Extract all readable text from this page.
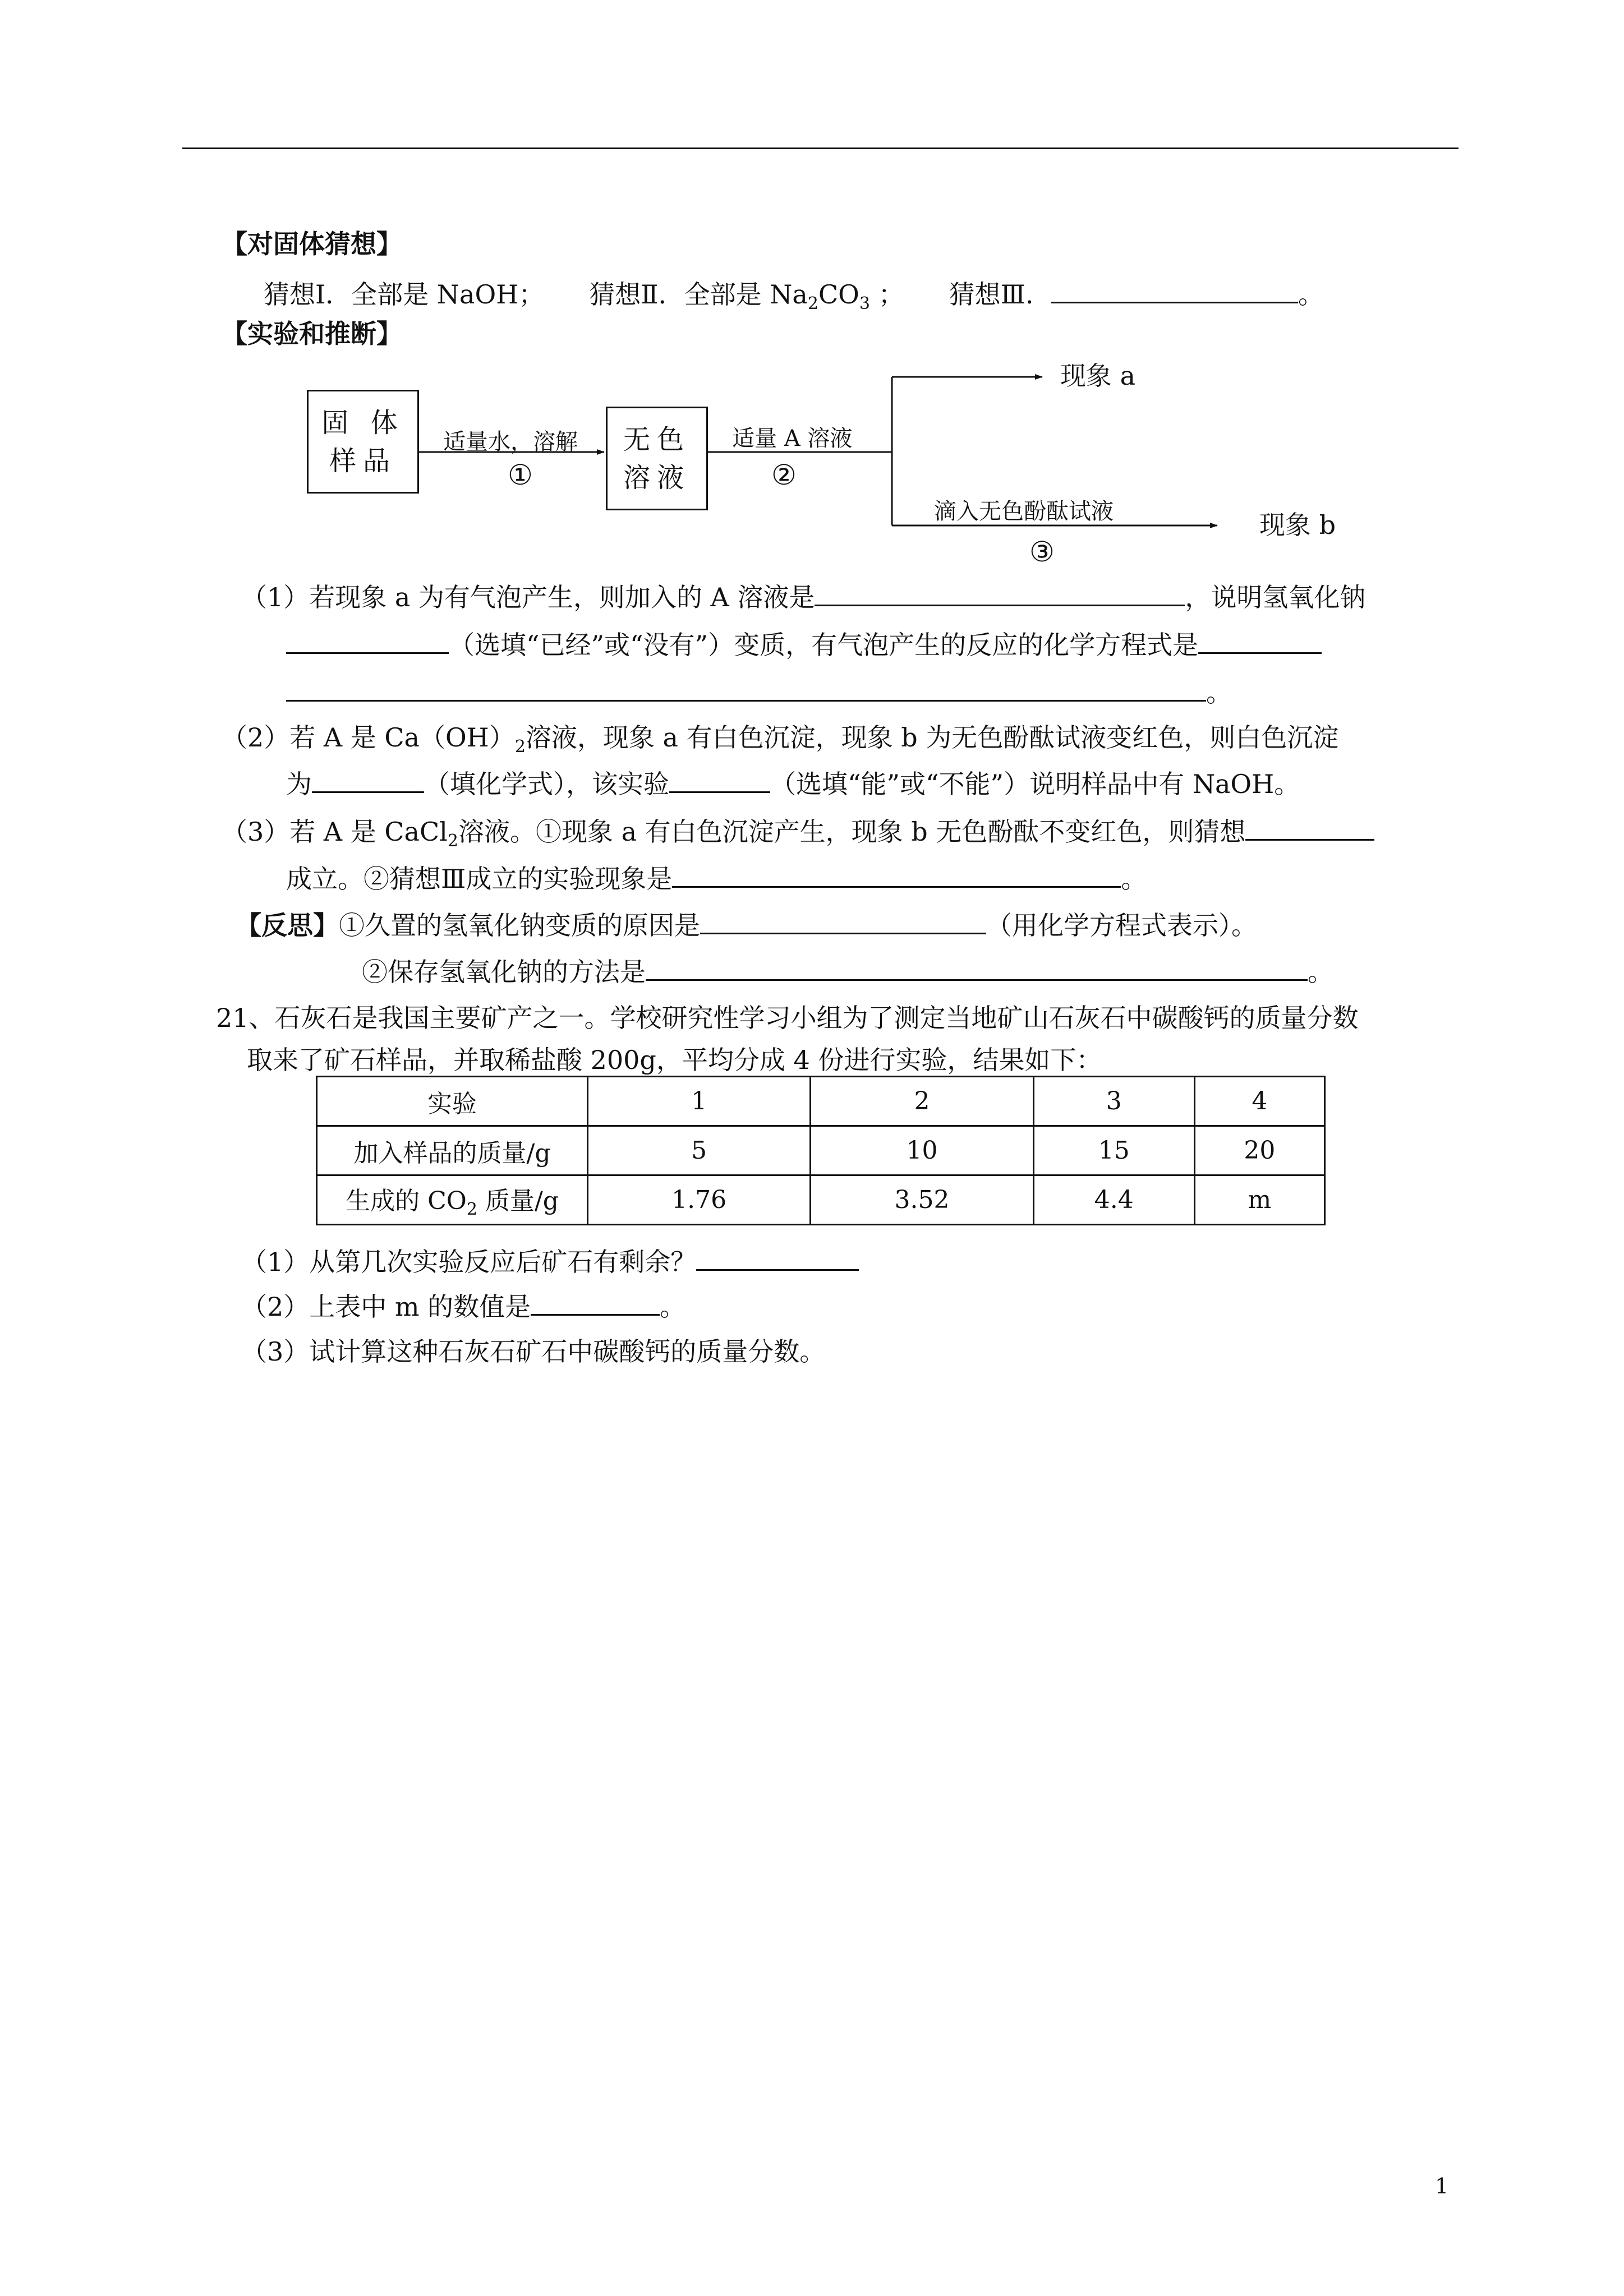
【对固体猜想】
猜想Ⅰ．全部是 NaOH； 猜想Ⅱ．全部是 $Na_2CO_3$ ； 猜想Ⅲ．	。
【实验和推断】
固 体
样品
无色
溶液
适量水，溶解
①
适量 A 溶液
②
现象 a
滴入无色酚酞试液
③
现象 b
（1）若现象 a 为有气泡产生，则加入的 A 溶液是	，说明氢氧化钠
（选填“已经”或“没有”）变质，有气泡产生的反应的化学方程式是
。
（2）若 A 是 $Ca(OH)_2$溶液，现象 a 有白色沉淀，现象 b 为无色酚酞试液变红色，则白色沉淀
为	（填化学式），该实验	（选填“能”或“不能”）说明样品中有 NaOH。
（3）若 A 是 CaCl$_2$溶液。①现象 a 有白色沉淀产生，现象 b 无色酚酞不变红色，则猜想
成立。②猜想Ⅲ成立的实验现象是	。
【反思】①久置的氢氧化钠变质的原因是	（用化学方程式表示）。
②保存氢氧化钠的方法是	。
21、石灰石是我国主要矿产之一。学校研究性学习小组为了测定当地矿山石灰石中碳酸钙的质量分数
取来了矿石样品，并取稀盐酸 200g，平均分成 4 份进行实验，结果如下：
实验	1	2	3	4
加入样品的质量/g	5	10	15	20
生成的 $CO_2$ 质量/g	1.76	3.52	4.4	m
（1）从第几次实验反应后矿石有剩余？
（2）上表中 m 的数值是	。
（3）试计算这种石灰石矿石中碳酸钙的质量分数。
1
